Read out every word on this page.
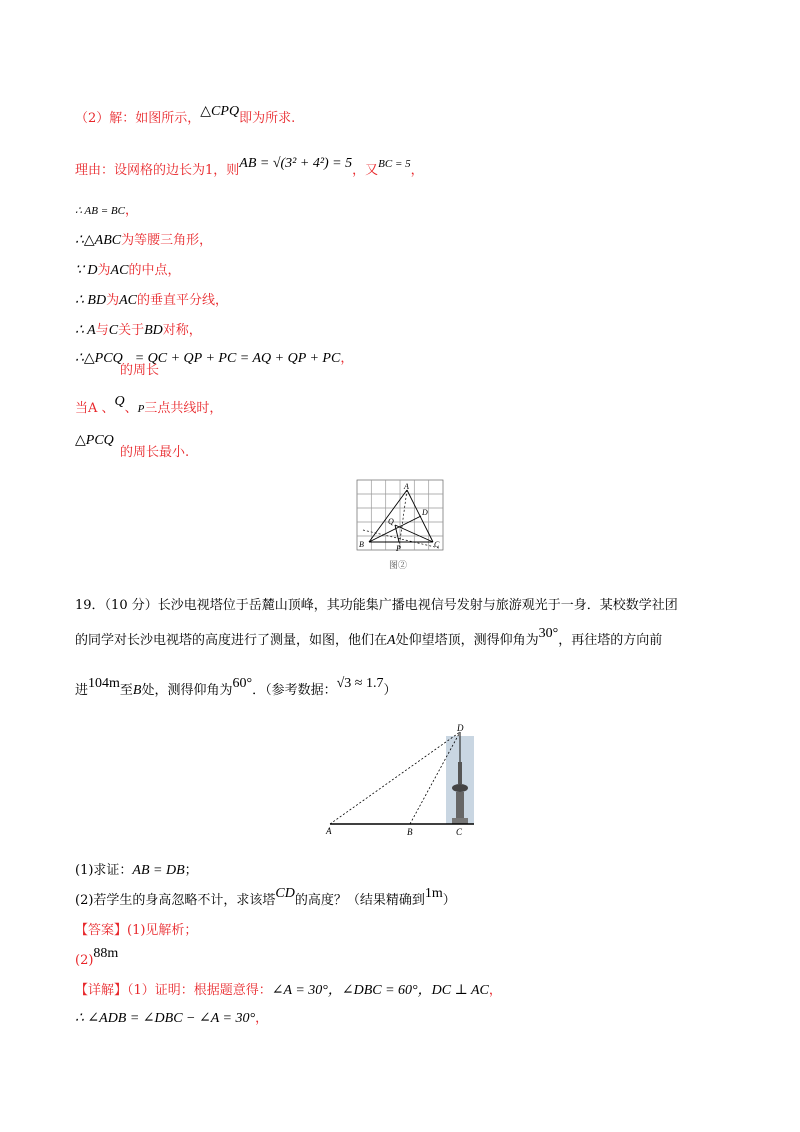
（2）解：如图所示，△CPQ即为所求.
理由：设网格的边长为1，则AB = √(3² + 4²) = 5，又$^{BC = 5}$，
∴ AB = BC，
∴△ABC为等腰三角形，
∵ D为AC的中点，
∴ BD为AC的垂直平分线，
∴ A与C关于BD对称，
∴△PCQ = QC + QP + PC = AQ + QP + PC，
的周长
当A 、Q、P三点共线时，
△PCQ
的周长最小.
A
B	C
D
P
Q
图②
19．（10 分）长沙电视塔位于岳麓山顶峰，其功能集广播电视信号发射与旅游观光于一身．某校数学社团
的同学对长沙电视塔的高度进行了测量，如图，他们在A处仰望塔顶，测得仰角为30°，再往塔的方向前
进104m至B处，测得仰角为60°．（参考数据：√3 ≈ 1.7）
A	B	C
D
(1)求证：AB = DB；
(2)若学生的身高忽略不计，求该塔CD的高度？（结果精确到1m）
【答案】(1)见解析；
(2)88m
【详解】（1）证明：根据题意得：∠A = 30°，∠DBC = 60°，DC ⊥ AC，
∴ ∠ADB = ∠DBC − ∠A = 30°，
